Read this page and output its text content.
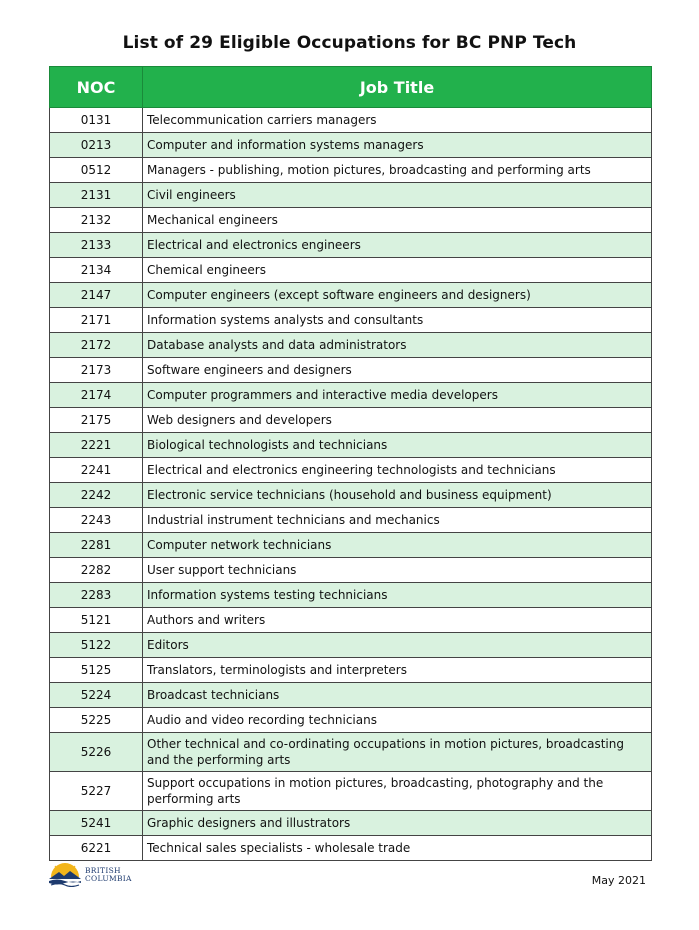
List of 29 Eligible Occupations for BC PNP Tech
NOC	Job Title
0131	Telecommunication carriers managers
0213	Computer and information systems managers
0512	Managers - publishing, motion pictures, broadcasting and performing arts
2131	Civil engineers
2132	Mechanical engineers
2133	Electrical and electronics engineers
2134	Chemical engineers
2147	Computer engineers (except software engineers and designers)
2171	Information systems analysts and consultants
2172	Database analysts and data administrators
2173	Software engineers and designers
2174	Computer programmers and interactive media developers
2175	Web designers and developers
2221	Biological technologists and technicians
2241	Electrical and electronics engineering technologists and technicians
2242	Electronic service technicians (household and business equipment)
2243	Industrial instrument technicians and mechanics
2281	Computer network technicians
2282	User support technicians
2283	Information systems testing technicians
5121	Authors and writers
5122	Editors
5125	Translators, terminologists and interpreters
5224	Broadcast technicians
5225	Audio and video recording technicians
5226	Other technical and co-ordinating occupations in motion pictures, broadcasting and the performing arts
5227	Support occupations in motion pictures, broadcasting, photography and the performing arts
5241	Graphic designers and illustrators
6221	Technical sales specialists - wholesale trade
BRITISH
COLUMBIA	May 2021
